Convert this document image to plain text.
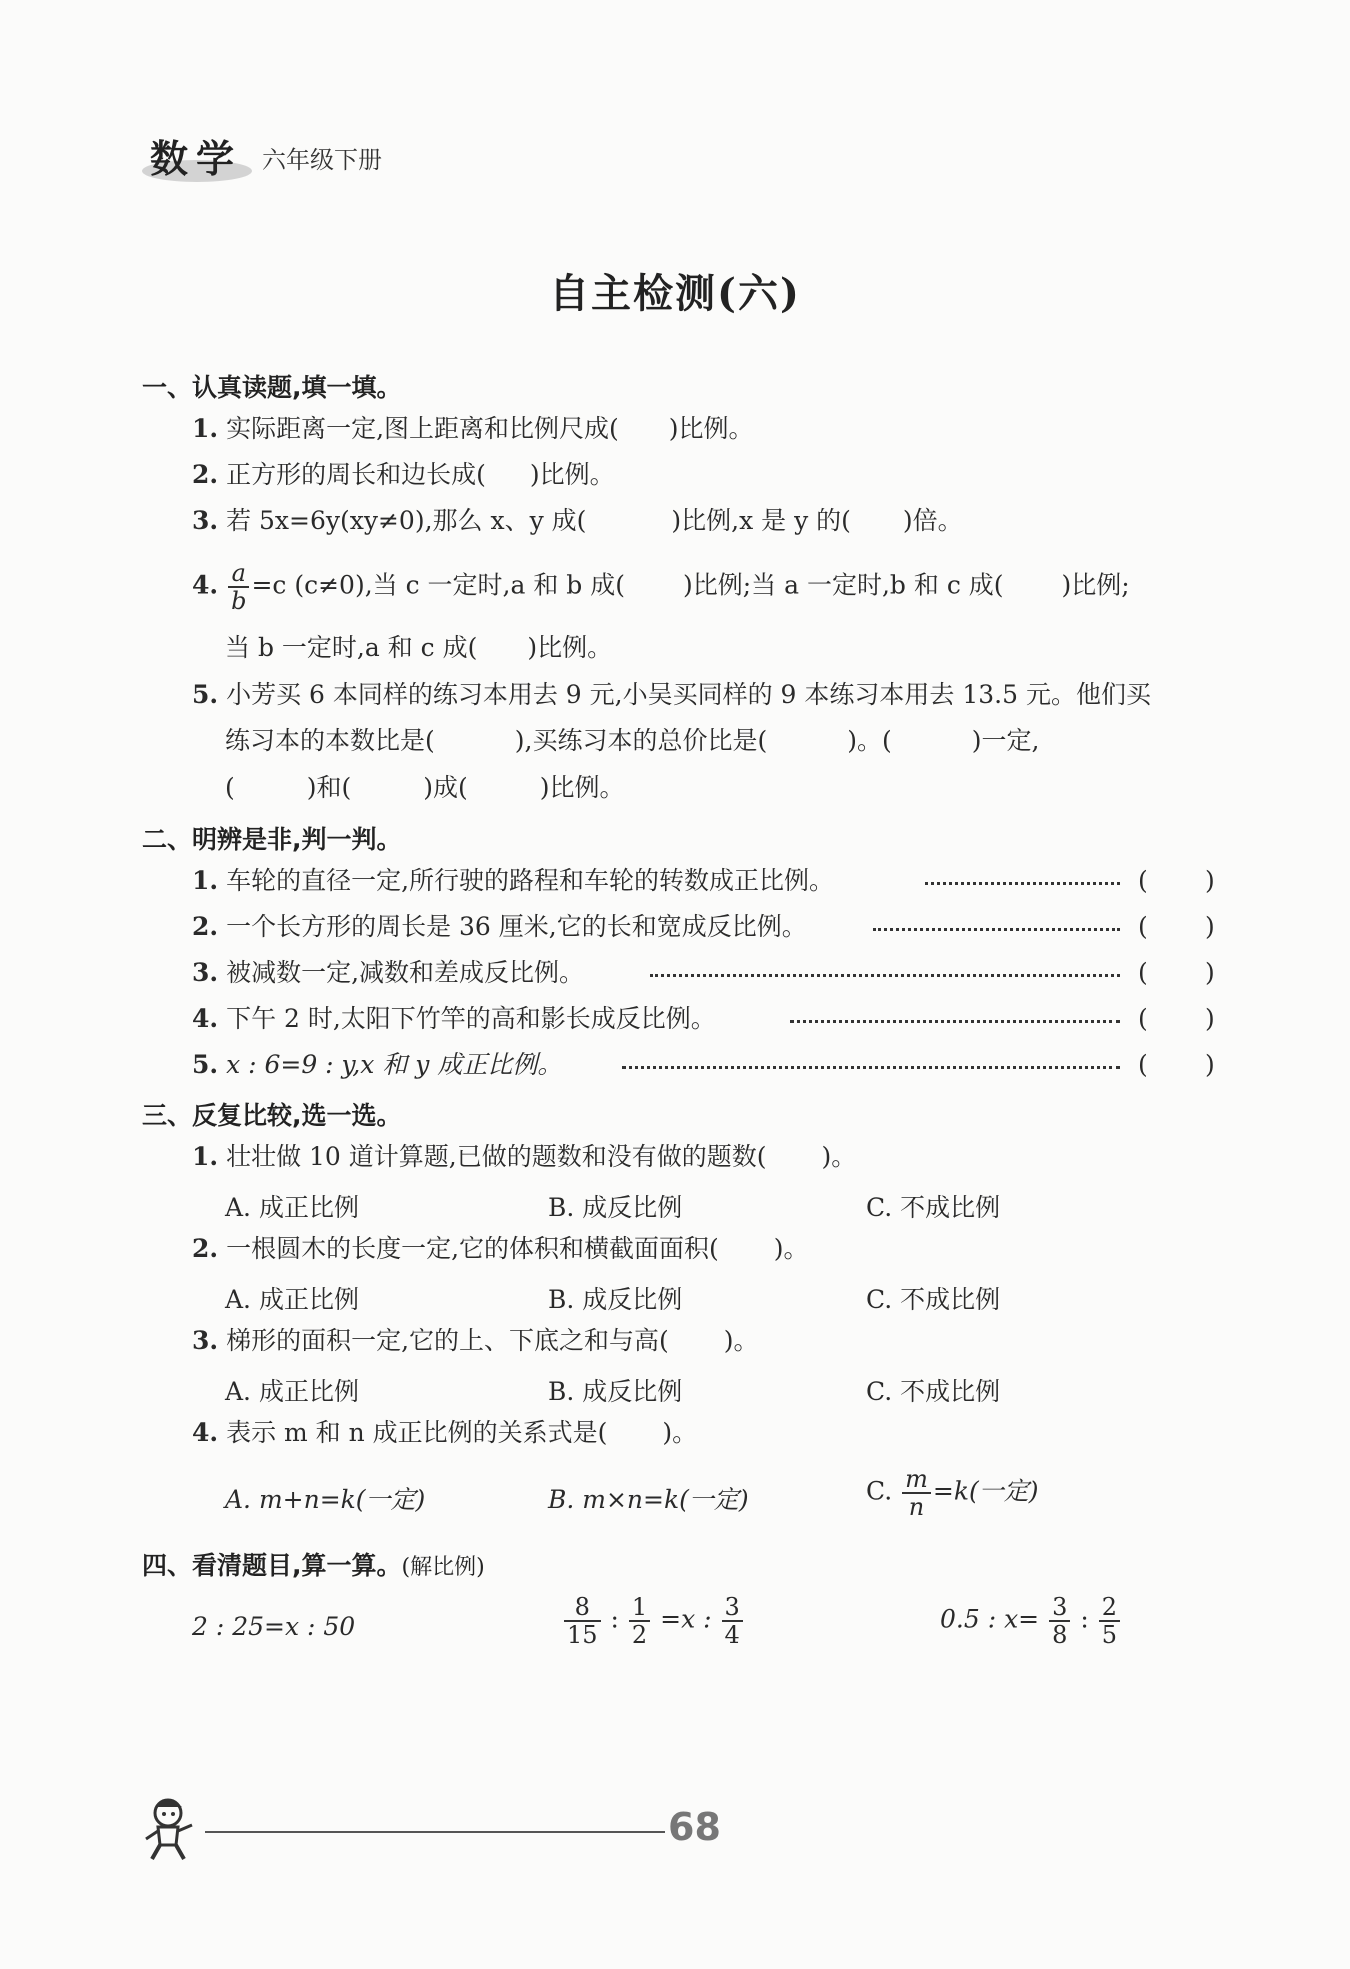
数学 六年级下册
自主检测(六)
一、认真读题,填一填。
1. 实际距离一定,图上距离和比例尺成( )比例。
2. 正方形的周长和边长成( )比例。
3. 若 5x=6y(xy≠0),那么 x、y 成(	)比例,x 是 y 的( )倍。
4. $\frac{a}{b} =c$ (c≠0),当 c 一定时,a 和 b 成( )比例;当 a 一定时,b 和 c 成( )比例;
当 b 一定时,a 和 c 成( )比例。
5. 小芳买 6 本同样的练习本用去 9 元,小吴买同样的 9 本练习本用去 13.5 元。他们买
练习本的本数比是(	),买练习本的总价比是(	)。(	)一定,
(	)和(	)成(	)比例。
二、明辨是非,判一判。
1. 车轮的直径一定,所行驶的路程和车轮的转数成正比例。	( )
2. 一个长方形的周长是 36 厘米,它的长和宽成反比例。	( )
3. 被减数一定,减数和差成反比例。	( )
4. 下午 2 时,太阳下竹竿的高和影长成反比例。	( )
5. x : 6=9 : y,x 和 y 成正比例。	( )
三、反复比较,选一选。
1. 壮壮做 10 道计算题,已做的题数和没有做的题数( )。
A. 成正比例	B. 成反比例	C. 不成比例
2. 一根圆木的长度一定,它的体积和横截面面积( )。
A. 成正比例	B. 成反比例	C. 不成比例
3. 梯形的面积一定,它的上、下底之和与高( )。
A. 成正比例	B. 成反比例	C. 不成比例
4. 表示 m 和 n 成正比例的关系式是( )。
A. m+n=k(一定)	B. m×n=k(一定)	C. $\frac{m}{n} =k$(一定)
四、看清题目,算一算。(解比例)
2 : 25=x : 50	$\frac{8}{15}$ : $\frac{1}{2} =x$ : $\frac{3}{4}$	0.5 : $x= \frac{3}{8}$ : $\frac{2}{5}$
68
